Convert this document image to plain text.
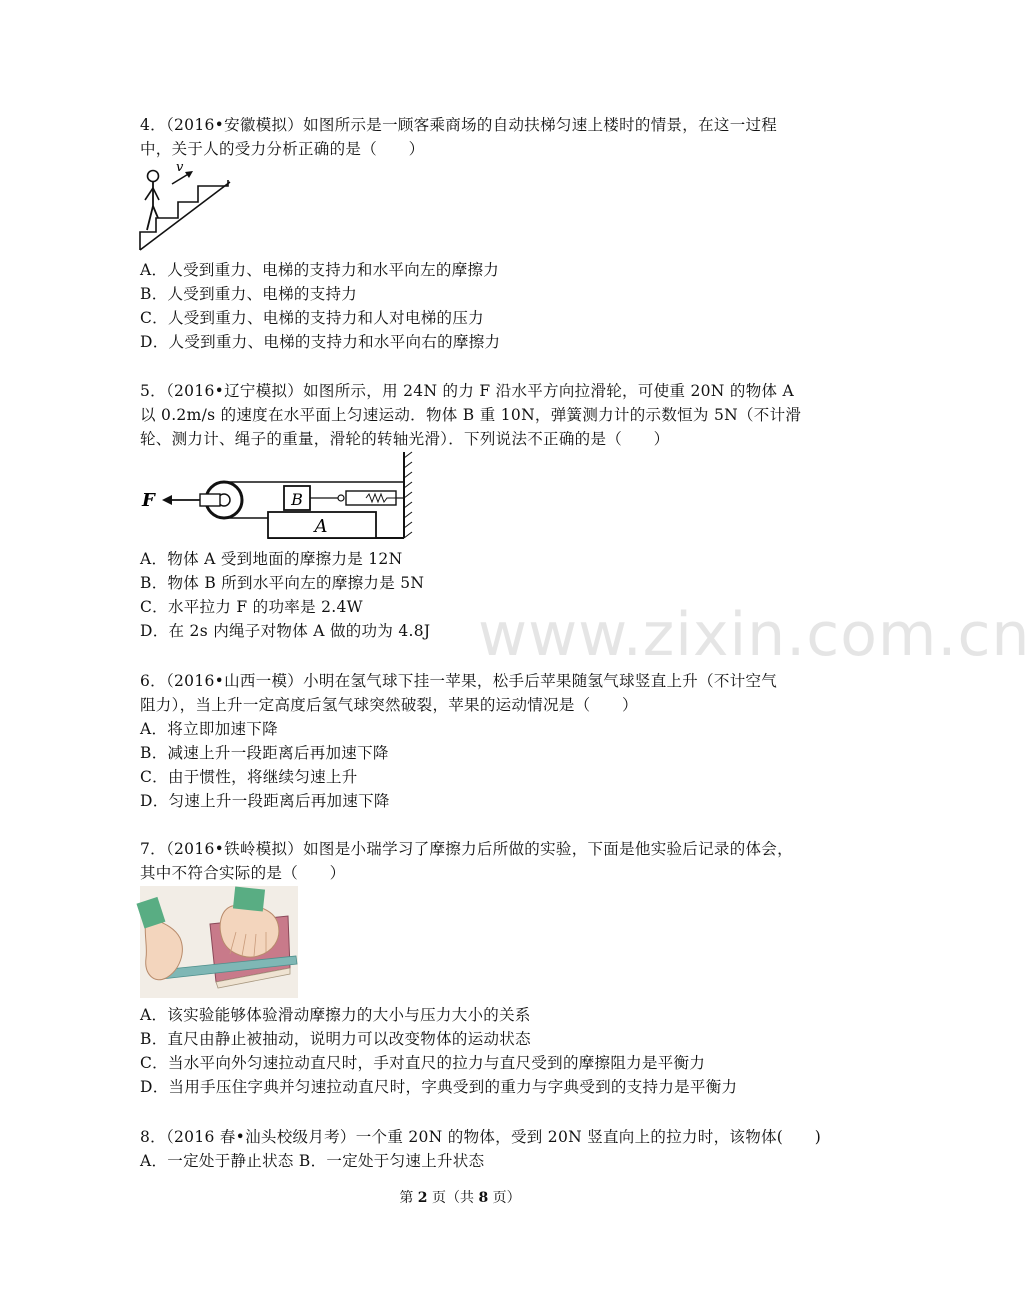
4．（2016•安徽模拟）如图所示是一顾客乘商场的自动扶梯匀速上楼时的情景，在这一过程
中，关于人的受力分析正确的是（　　）
v
A．人受到重力、电梯的支持力和水平向左的摩擦力
B．人受到重力、电梯的支持力
C．人受到重力、电梯的支持力和人对电梯的压力
D．人受到重力、电梯的支持力和水平向右的摩擦力
5．（2016•辽宁模拟）如图所示，用 24N 的力 F 沿水平方向拉滑轮，可使重 20N 的物体 A
以 0.2m/s 的速度在水平面上匀速运动．物体 B 重 10N，弹簧测力计的示数恒为 5N（不计滑
轮、测力计、绳子的重量，滑轮的转轴光滑）．下列说法不正确的是（　　）
A
B
F
A．物体 A 受到地面的摩擦力是 12N
B．物体 B 所到水平向左的摩擦力是 5N
C．水平拉力 F 的功率是 2.4W
D．在 2s 内绳子对物体 A 做的功为 4.8J www.zixin.com.cn
6．（2016•山西一模）小明在氢气球下挂一苹果，松手后苹果随氢气球竖直上升（不计空气
阻力），当上升一定高度后氢气球突然破裂，苹果的运动情况是（　　）
A．将立即加速下降
B．减速上升一段距离后再加速下降
C．由于惯性，将继续匀速上升
D．匀速上升一段距离后再加速下降
7．（2016•铁岭模拟）如图是小瑞学习了摩擦力后所做的实验，下面是他实验后记录的体会，
其中不符合实际的是（　　）
A．该实验能够体验滑动摩擦力的大小与压力大小的关系
B．直尺由静止被抽动，说明力可以改变物体的运动状态
C．当水平向外匀速拉动直尺时，手对直尺的拉力与直尺受到的摩擦阻力是平衡力
D．当用手压住字典并匀速拉动直尺时，字典受到的重力与字典受到的支持力是平衡力
8．（2016 春•汕头校级月考）一个重 20N 的物体，受到 20N 竖直向上的拉力时，该物体(　　)
A．一定处于静止状态 B．一定处于匀速上升状态
第 2 页（共 8 页）
